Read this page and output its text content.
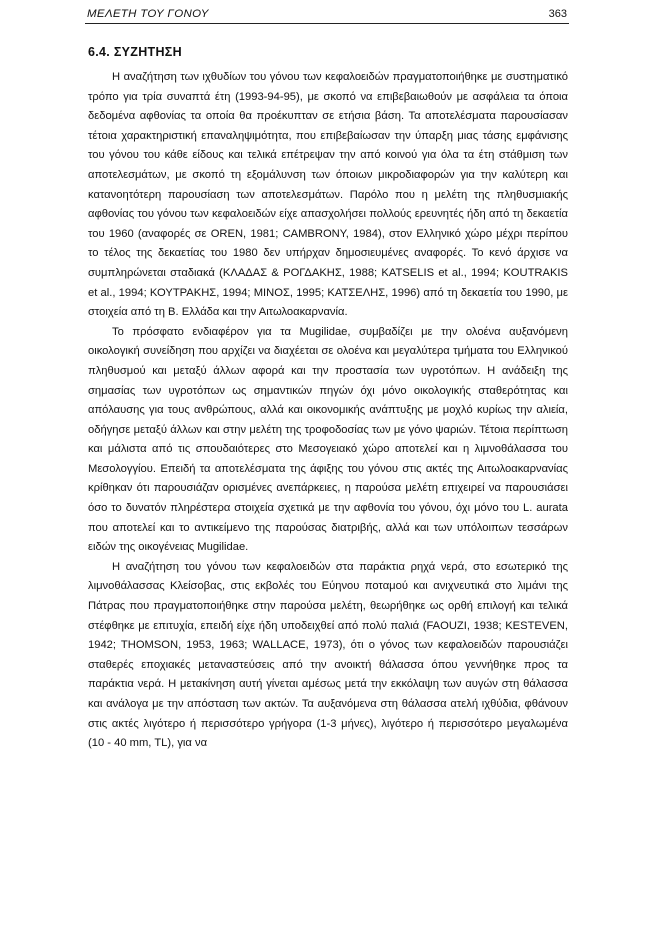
ΜΕΛΕΤΗ ΤΟΥ ΓΟΝΟΥ	363
6.4. ΣΥΖΗΤΗΣΗ

Η αναζήτηση των ιχθυδίων του γόνου των κεφαλοειδών πραγματοποιήθηκε με συστηματικό τρόπο για τρία συναπτά έτη (1993-94-95), με σκοπό να επιβεβαιωθούν με ασφάλεια τα όποια δεδομένα αφθονίας τα οποία θα προέκυπταν σε ετήσια βάση. Τα αποτελέσματα παρουσίασαν τέτοια χαρακτηριστική επαναληψιμότητα, που επιβεβαίωσαν την ύπαρξη μιας τάσης εμφάνισης του γόνου του κάθε είδους και τελικά επέτρεψαν την από κοινού για όλα τα έτη στάθμιση των αποτελεσμάτων, με σκοπό τη εξομάλυνση των όποιων μικροδιαφορών για την καλύτερη και κατανοητότερη παρουσίαση των αποτελεσμάτων. Παρόλο που η μελέτη της πληθυσμιακής αφθονίας του γόνου των κεφαλοειδών είχε απασχολήσει πολλούς ερευνητές ήδη από τη δεκαετία του 1960 (αναφορές σε OREN, 1981; CAMBRONY, 1984), στον Ελληνικό χώρο μέχρι περίπου το τέλος της δεκαετίας του 1980 δεν υπήρχαν δημοσιευμένες αναφορές. Το κενό άρχισε να συμπληρώνεται σταδιακά (ΚΛΑΔΑΣ & ΡΟΓΔΑΚΗΣ, 1988; KATSELIS et al., 1994; KOUTRAKIS et al., 1994; ΚΟΥΤΡΑΚΗΣ, 1994; ΜΙΝΟΣ, 1995; ΚΑΤΣΕΛΗΣ, 1996) από τη δεκαετία του 1990, με στοιχεία από τη Β. Ελλάδα και την Αιτωλοακαρνανία.

Το πρόσφατο ενδιαφέρον για τα Mugilidae, συμβαδίζει με την ολοένα αυξανόμενη οικολογική συνείδηση που αρχίζει να διαχέεται σε ολοένα και μεγαλύτερα τμήματα του Ελληνικού πληθυσμού και μεταξύ άλλων αφορά και την προστασία των υγροτόπων. Η ανάδειξη της σημασίας των υγροτόπων ως σημαντικών πηγών όχι μόνο οικολογικής σταθερότητας και απόλαυσης για τους ανθρώπους, αλλά και οικονομικής ανάπτυξης με μοχλό κυρίως την αλιεία, οδήγησε μεταξύ άλλων και στην μελέτη της τροφοδοσίας των με γόνο ψαριών. Τέτοια περίπτωση και μάλιστα από τις σπουδαιότερες στο Μεσογειακό χώρο αποτελεί και η λιμνοθάλασσα του Μεσολογγίου. Επειδή τα αποτελέσματα της άφιξης του γόνου στις ακτές της Αιτωλοακαρνανίας κρίθηκαν ότι παρουσιάζαν ορισμένες ανεπάρκειες, η παρούσα μελέτη επιχειρεί να παρουσιάσει όσο το δυνατόν πληρέστερα στοιχεία σχετικά με την αφθονία του γόνου, όχι μόνο του L. aurata που αποτελεί και το αντικείμενο της παρούσας διατριβής, αλλά και των υπόλοιπων τεσσάρων ειδών της οικογένειας Mugilidae.

Η αναζήτηση του γόνου των κεφαλοειδών στα παράκτια ρηχά νερά, στο εσωτερικό της λιμνοθάλασσας Κλείσοβας, στις εκβολές του Εύηνου ποταμού και ανιχνευτικά στο λιμάνι της Πάτρας που πραγματοποιήθηκε στην παρούσα μελέτη, θεωρήθηκε ως ορθή επιλογή και τελικά στέφθηκε με επιτυχία, επειδή είχε ήδη υποδειχθεί από πολύ παλιά (FAOUZI, 1938; KESTEVEN, 1942; THOMSON, 1953, 1963; WALLACE, 1973), ότι ο γόνος των κεφαλοειδών παρουσιάζει σταθερές εποχιακές μεταναστεύσεις από την ανοικτή θάλασσα όπου γεννήθηκε προς τα παράκτια νερά. Η μετακίνηση αυτή γίνεται αμέσως μετά την εκκόλαψη των αυγών στη θάλασσα και ανάλογα με την απόσταση των ακτών. Τα αυξανόμενα στη θάλασσα ατελή ιχθύδια, φθάνουν στις ακτές λιγότερο ή περισσότερο γρήγορα (1-3 μήνες), λιγότερο ή περισσότερο μεγαλωμένα (10 - 40 mm, TL), για να
